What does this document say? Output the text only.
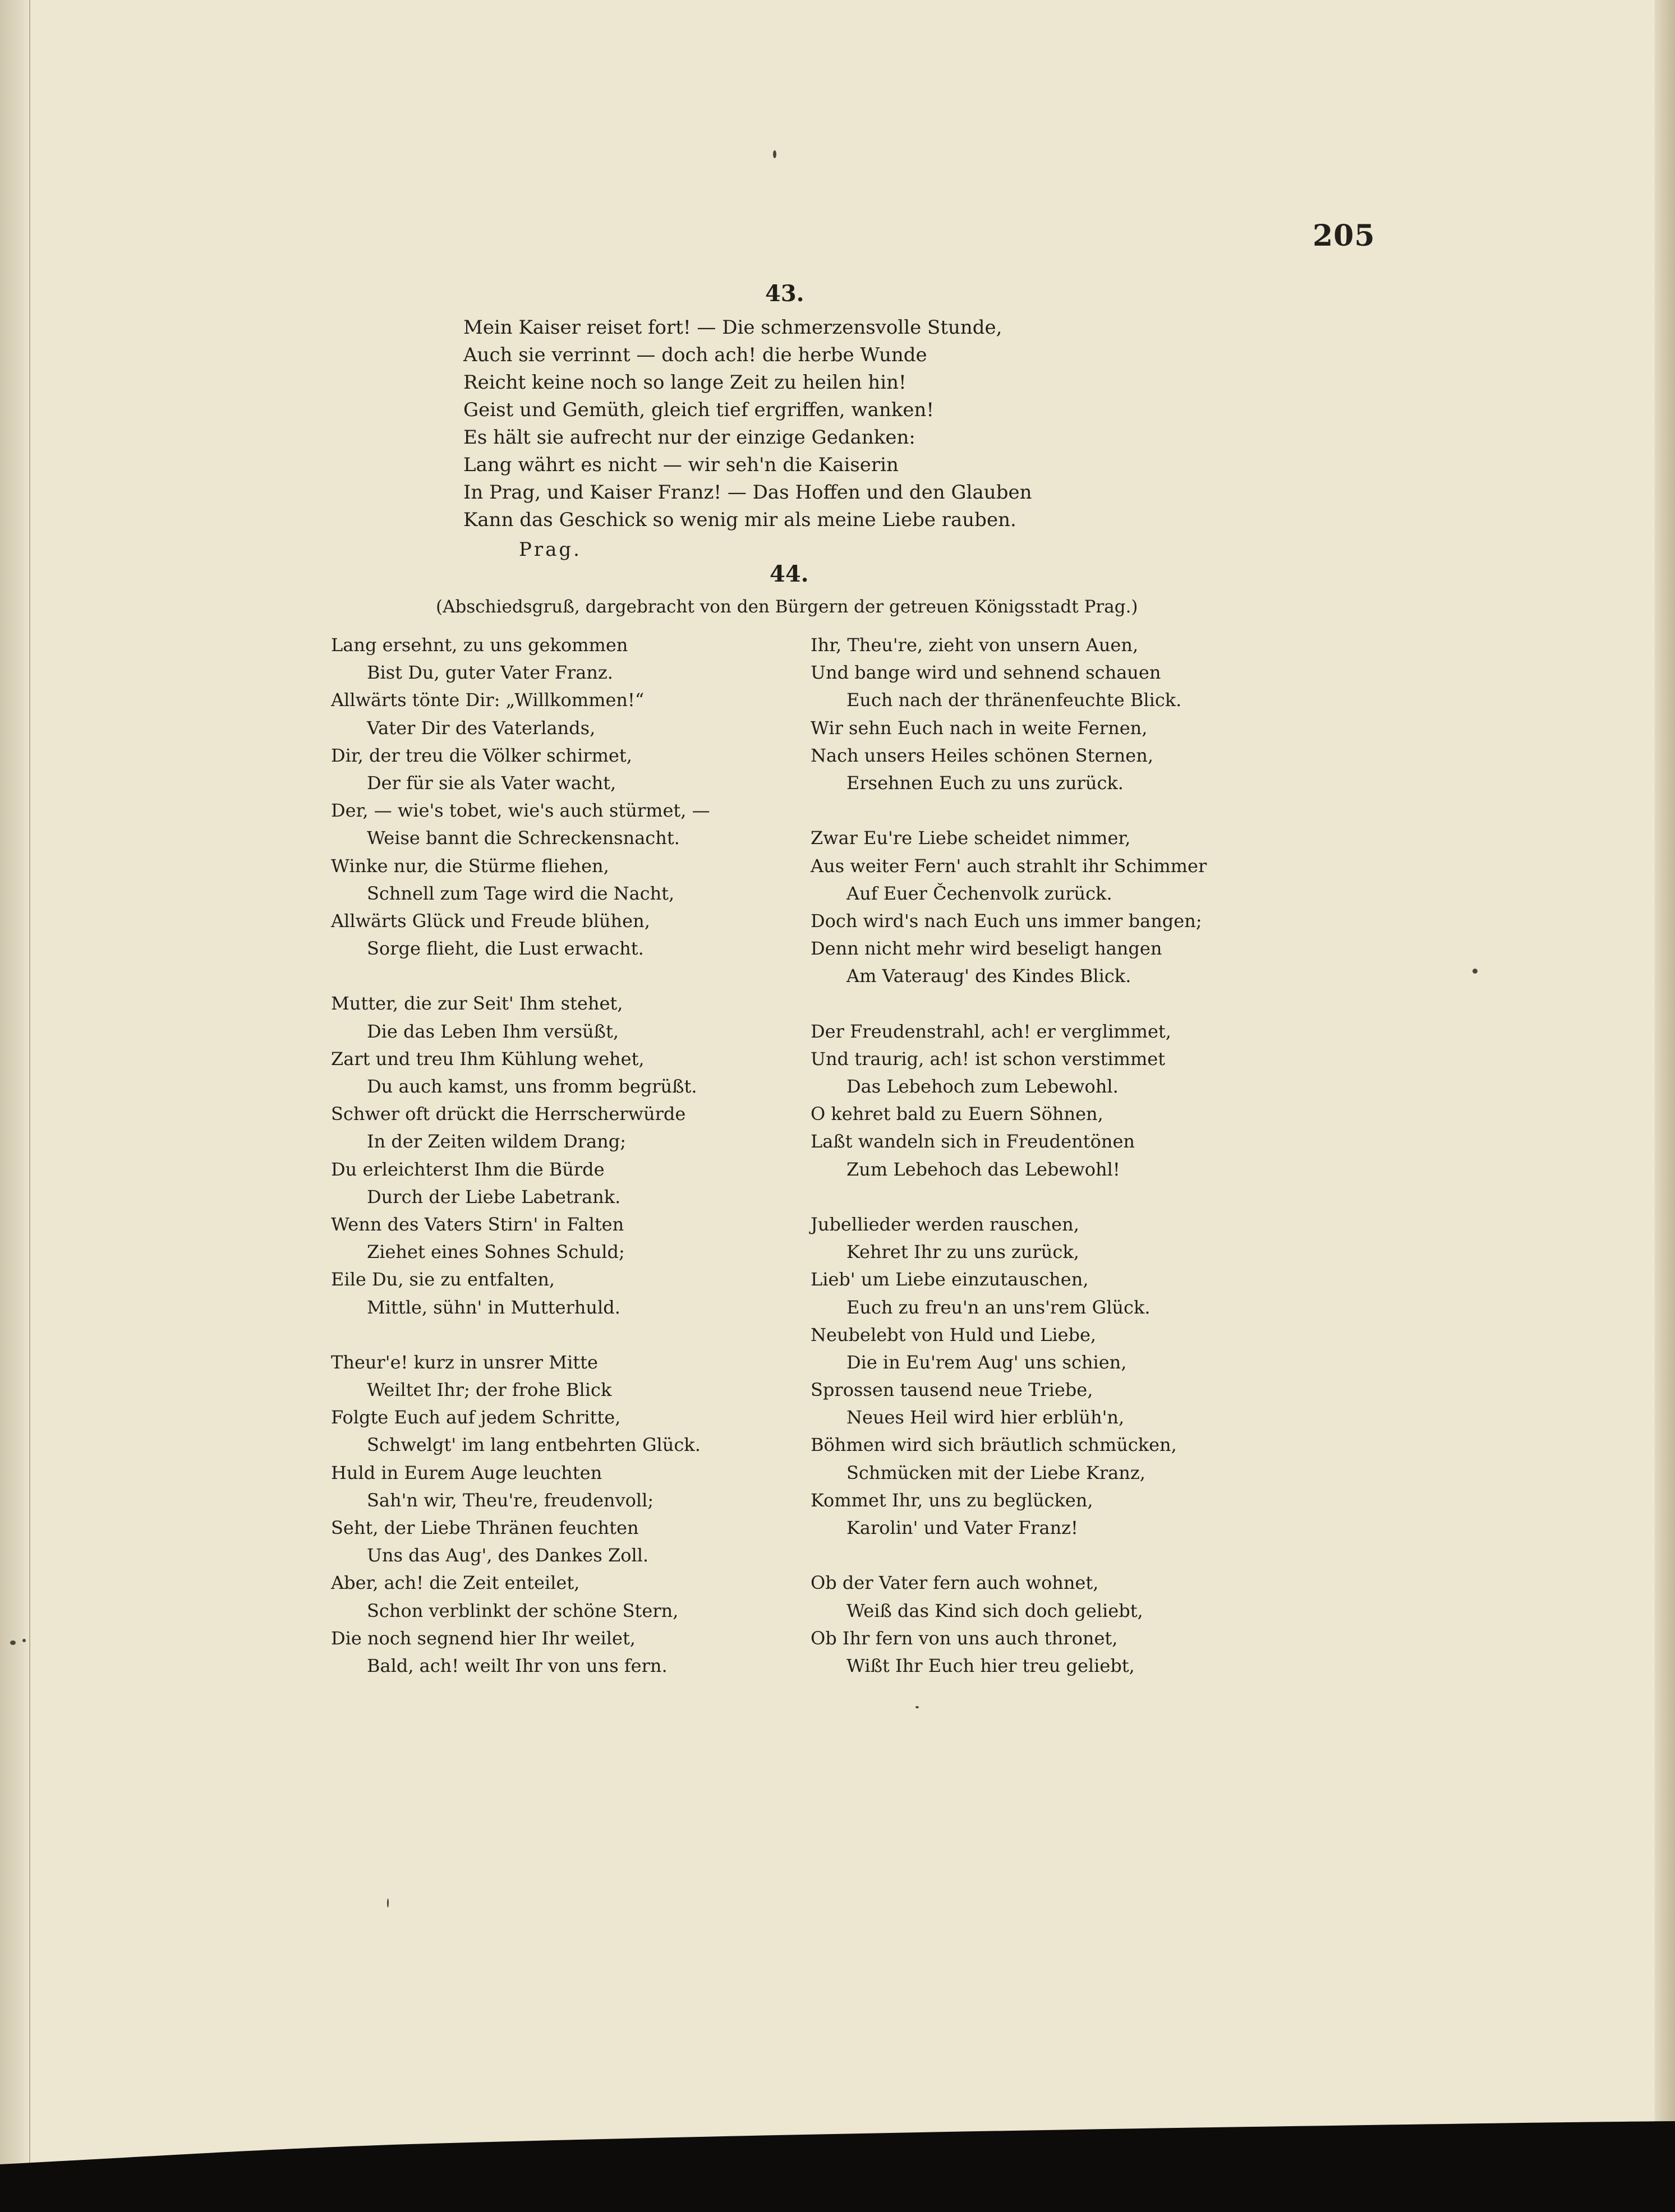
205
43.
Mein Kaiser reiset fort! — Die schmerzensvolle Stunde,
Auch sie verrinnt — doch ach! die herbe Wunde
Reicht keine noch so lange Zeit zu heilen hin!
Geist und Gemüth, gleich tief ergriffen, wanken!
Es hält sie aufrecht nur der einzige Gedanken:
Lang währt es nicht — wir seh'n die Kaiserin
In Prag, und Kaiser Franz! — Das Hoffen und den Glauben
Kann das Geschick so wenig mir als meine Liebe rauben.
Prag.
44.
(Abschiedsgruß, dargebracht von den Bürgern der getreuen Königsstadt Prag.)
Lang ersehnt, zu uns gekommen
Bist Du, guter Vater Franz.
Allwärts tönte Dir: „Willkommen!“
Vater Dir des Vaterlands,
Dir, der treu die Völker schirmet,
Der für sie als Vater wacht,
Der, — wie's tobet, wie's auch stürmet, —
Weise bannt die Schreckensnacht.
Winke nur, die Stürme fliehen,
Schnell zum Tage wird die Nacht,
Allwärts Glück und Freude blühen,
Sorge flieht, die Lust erwacht.
Mutter, die zur Seit' Ihm stehet,
Die das Leben Ihm versüßt,
Zart und treu Ihm Kühlung wehet,
Du auch kamst, uns fromm begrüßt.
Schwer oft drückt die Herrscherwürde
In der Zeiten wildem Drang;
Du erleichterst Ihm die Bürde
Durch der Liebe Labetrank.
Wenn des Vaters Stirn' in Falten
Ziehet eines Sohnes Schuld;
Eile Du, sie zu entfalten,
Mittle, sühn' in Mutterhuld.
Theur'e! kurz in unsrer Mitte
Weiltet Ihr; der frohe Blick
Folgte Euch auf jedem Schritte,
Schwelgt' im lang entbehrten Glück.
Huld in Eurem Auge leuchten
Sah'n wir, Theu're, freudenvoll;
Seht, der Liebe Thränen feuchten
Uns das Aug', des Dankes Zoll.
Aber, ach! die Zeit enteilet,
Schon verblinkt der schöne Stern,
Die noch segnend hier Ihr weilet,
Bald, ach! weilt Ihr von uns fern.
Ihr, Theu're, zieht von unsern Auen,
Und bange wird und sehnend schauen
Euch nach der thränenfeuchte Blick.
Wir sehn Euch nach in weite Fernen,
Nach unsers Heiles schönen Sternen,
Ersehnen Euch zu uns zurück.
Zwar Eu're Liebe scheidet nimmer,
Aus weiter Fern' auch strahlt ihr Schimmer
Auf Euer Čechenvolk zurück.
Doch wird's nach Euch uns immer bangen;
Denn nicht mehr wird beseligt hangen
Am Vateraug' des Kindes Blick.
Der Freudenstrahl, ach! er verglimmet,
Und traurig, ach! ist schon verstimmet
Das Lebehoch zum Lebewohl.
O kehret bald zu Euern Söhnen,
Laßt wandeln sich in Freudentönen
Zum Lebehoch das Lebewohl!
Jubellieder werden rauschen,
Kehret Ihr zu uns zurück,
Lieb' um Liebe einzutauschen,
Euch zu freu'n an uns'rem Glück.
Neubelebt von Huld und Liebe,
Die in Eu'rem Aug' uns schien,
Sprossen tausend neue Triebe,
Neues Heil wird hier erblüh'n,
Böhmen wird sich bräutlich schmücken,
Schmücken mit der Liebe Kranz,
Kommet Ihr, uns zu beglücken,
Karolin' und Vater Franz!
Ob der Vater fern auch wohnet,
Weiß das Kind sich doch geliebt,
Ob Ihr fern von uns auch thronet,
Wißt Ihr Euch hier treu geliebt,
